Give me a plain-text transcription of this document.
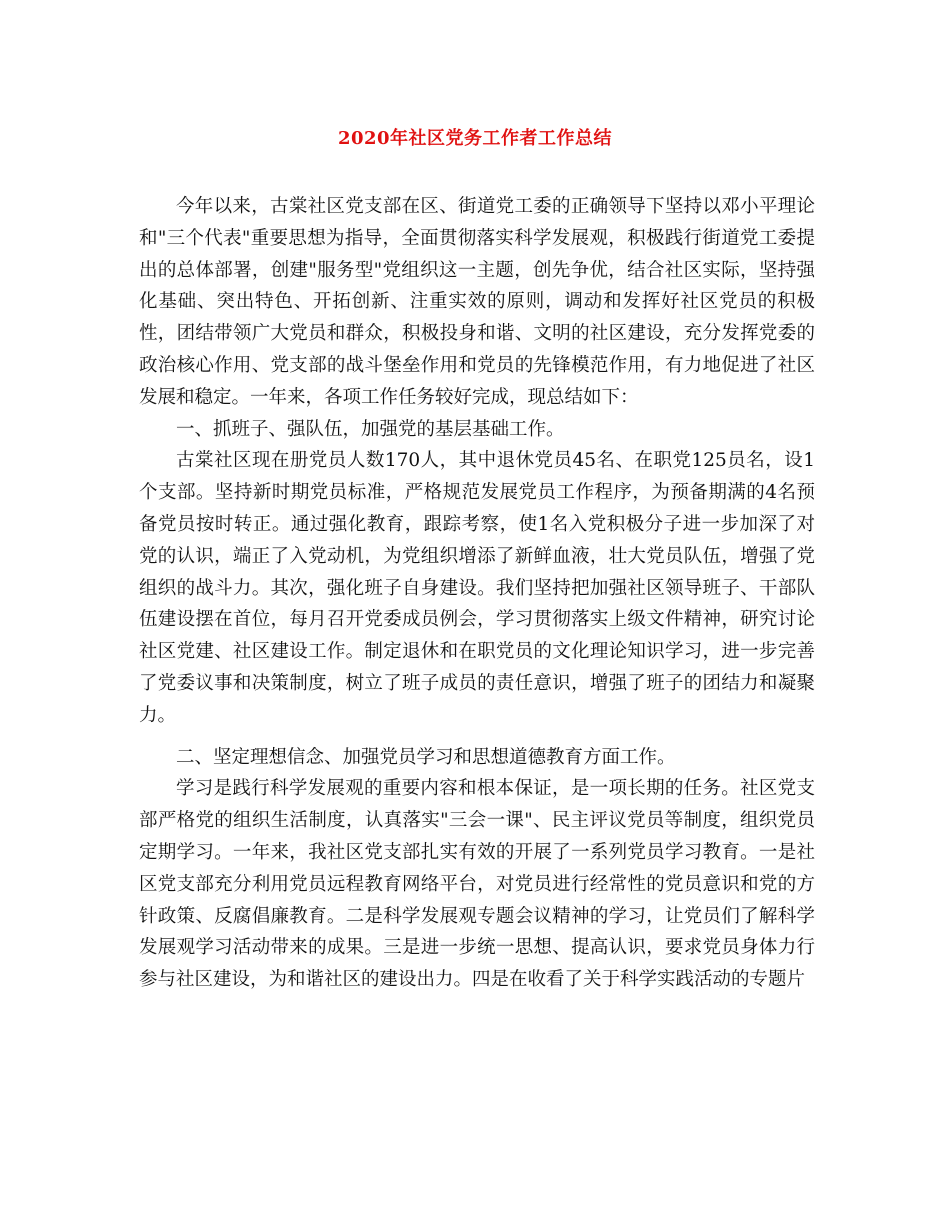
2020年社区党务工作者工作总结

今年以来，古棠社区党支部在区、街道党工委的正确领导下坚持以邓小平理论和"三个代表"重要思想为指导，全面贯彻落实科学发展观，积极践行街道党工委提出的总体部署，创建"服务型"党组织这一主题，创先争优，结合社区实际，坚持强化基础、突出特色、开拓创新、注重实效的原则，调动和发挥好社区党员的积极性，团结带领广大党员和群众，积极投身和谐、文明的社区建设，充分发挥党委的政治核心作用、党支部的战斗堡垒作用和党员的先锋模范作用，有力地促进了社区发展和稳定。一年来，各项工作任务较好完成，现总结如下：

一、抓班子、强队伍，加强党的基层基础工作。

古棠社区现在册党员人数170人，其中退休党员45名、在职党125员名，设1个支部。坚持新时期党员标准，严格规范发展党员工作程序，为预备期满的4名预备党员按时转正。通过强化教育，跟踪考察，使1名入党积极分子进一步加深了对党的认识，端正了入党动机，为党组织增添了新鲜血液，壮大党员队伍，增强了党组织的战斗力。其次，强化班子自身建设。我们坚持把加强社区领导班子、干部队伍建设摆在首位，每月召开党委成员例会，学习贯彻落实上级文件精神，研究讨论社区党建、社区建设工作。制定退休和在职党员的文化理论知识学习，进一步完善了党委议事和决策制度，树立了班子成员的责任意识，增强了班子的团结力和凝聚力。

二、坚定理想信念、加强党员学习和思想道德教育方面工作。

学习是践行科学发展观的重要内容和根本保证，是一项长期的任务。社区党支部严格党的组织生活制度，认真落实"三会一课"、民主评议党员等制度，组织党员定期学习。一年来，我社区党支部扎实有效的开展了一系列党员学习教育。一是社区党支部充分利用党员远程教育网络平台，对党员进行经常性的党员意识和党的方针政策、反腐倡廉教育。二是科学发展观专题会议精神的学习，让党员们了解科学发展观学习活动带来的成果。三是进一步统一思想、提高认识，要求党员身体力行参与社区建设，为和谐社区的建设出力。四是在收看了关于科学实践活动的专题片
